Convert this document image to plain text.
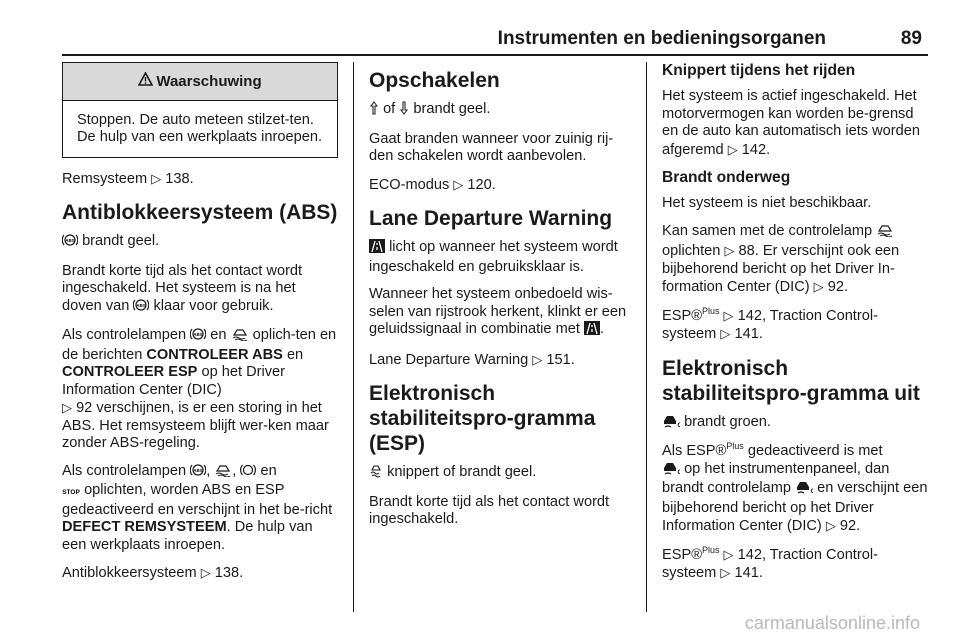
Instrumenten en bedieningsorganen	89
Waarschuwing
Stoppen. De auto meteen stilzet-ten. De hulp van een werkplaats inroepen.

Remsysteem ▷ 138.

Antiblokkeersysteem (ABS)

ABS brandt geel.

Brandt korte tijd als het contact wordt ingeschakeld. Het systeem is na het doven van ABS klaar voor gebruik.

Als controlelampen ABS en oplich-ten en de berichten CONTROLEER ABS en CONTROLEER ESP op het Driver Information Center (DIC)
▷ 92 verschijnen, is er een storing in het ABS. Het remsysteem blijft wer-ken maar zonder ABS-regeling.

Als controlelampen ABS , ,  en

STOP oplichten, worden ABS en ESP gedeactiveerd en verschijnt in het be-richt DEFECT REMSYSTEEM. De hulp van een werkplaats inroepen.

Antiblokkeersysteem ▷ 138.

Opschakelen

of brandt geel.

Gaat branden wanneer voor zuinig rij-den schakelen wordt aanbevolen.

ECO-modus ▷ 120.

Lane Departure Warning

licht op wanneer het systeem wordt ingeschakeld en gebruiksklaar is.

Wanneer het systeem onbedoeld wis-selen van rijstrook herkent, klinkt er een geluidssignaal in combinatie met .

Lane Departure Warning ▷ 151.

Elektronisch stabiliteitspro-gramma (ESP)

knippert of brandt geel.

Brandt korte tijd als het contact wordt ingeschakeld.

Knippert tijdens het rijden

Het systeem is actief ingeschakeld. Het motorvermogen kan worden be-grensd en de auto kan automatisch iets worden afgeremd ▷ 142.

Brandt onderweg

Het systeem is niet beschikbaar.

Kan samen met de controlelamp
oplichten ▷ 88. Er verschijnt ook een bijbehorend bericht op het Driver In-formation Center (DIC) ▷ 92.

ESP®$^{Plus}$ ▷ 142, Traction Control-systeem ▷ 141.

Elektronisch stabiliteitspro-gramma uit

O brandt groen.

Als ESP®$^{Plus}$ gedeactiveerd is met

O op het instrumentenpaneel, dan brandt controlelamp	O en verschijnt een bijbehorend bericht op het Driver Information Center (DIC) ▷ 92.

ESP®$^{Plus}$ ▷ 142, Traction Control-systeem ▷ 141.

carmanualsonline.info
